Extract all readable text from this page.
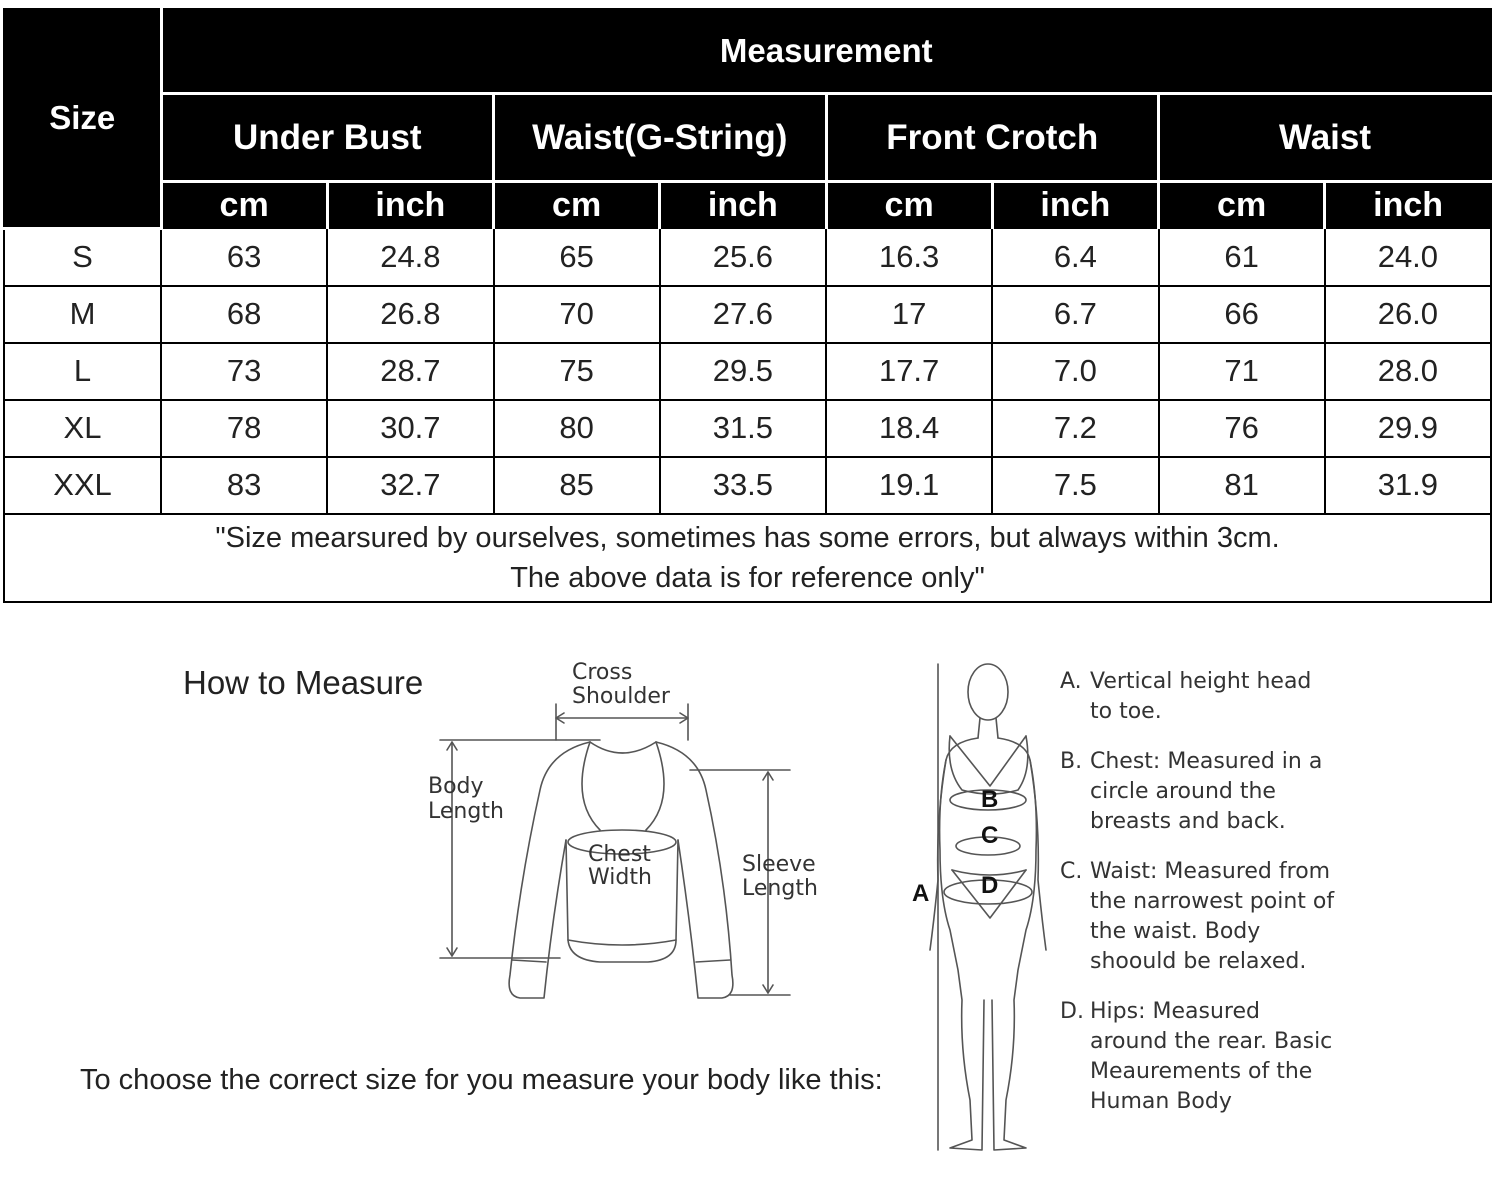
Size	Measurement							
	Under Bust		Waist(G-String)		Front Crotch		Waist	
	cm	inch	cm	inch	cm	inch	cm	inch
S	63	24.8	65	25.6	16.3	6.4	61	24.0
M	68	26.8	70	27.6	17	6.7	66	26.0
L	73	28.7	75	29.5	17.7	7.0	71	28.0
XL	78	30.7	80	31.5	18.4	7.2	76	29.9
XXL	83	32.7	85	33.5	19.1	7.5	81	31.9

"Size mearsured by ourselves, sometimes has some errors, but always within 3cm.
The above data is for reference only"								
How to Measure
To choose the correct size for you measure your body like this:
Cross
Shoulder
Body
Length
Chest
Width
Sleeve
Length	A
B
C
D
A. Vertical height head to toe.
B. Chest: Measured in a circle around the breasts and back.
C. Waist: Measured from the narrowest point of the waist. Body shoould be relaxed.
D. Hips: Measured around the rear. Basic Meaurements of the Human Body
